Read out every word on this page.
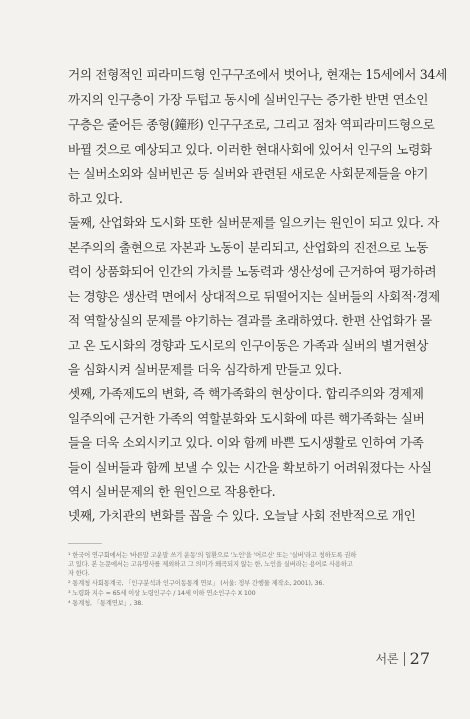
거의 전형적인 피라미드형 인구구조에서 벗어나, 현재는 15세에서 34세
까지의 인구층이 가장 두텁고 동시에 실버인구는 증가한 반면 연소인
구층은 줄어든 종형(鐘形) 인구구조로, 그리고 점차 역피라미드형으로
바뀔 것으로 예상되고 있다. 이러한 현대사회에 있어서 인구의 노령화
는 실버소외와 실버빈곤 등 실버와 관련된 새로운 사회문제들을 야기
하고 있다.
둘째, 산업화와 도시화 또한 실버문제를 일으키는 원인이 되고 있다. 자
본주의의 출현으로 자본과 노동이 분리되고, 산업화의 진전으로 노동
력이 상품화되어 인간의 가치를 노동력과 생산성에 근거하여 평가하려
는 경향은 생산력 면에서 상대적으로 뒤떨어지는 실버들의 사회적·경제
적 역할상실의 문제를 야기하는 결과를 초래하였다. 한편 산업화가 몰
고 온 도시화의 경향과 도시로의 인구이동은 가족과 실버의 별거현상
을 심화시켜 실버문제를 더욱 심각하게 만들고 있다.
셋째, 가족제도의 변화, 즉 핵가족화의 현상이다. 합리주의와 경제제
일주의에 근거한 가족의 역할분화와 도시화에 따른 핵가족화는 실버
들을 더욱 소외시키고 있다. 이와 함께 바쁜 도시생활로 인하여 가족
들이 실버들과 함께 보낼 수 있는 시간을 확보하기 어려워졌다는 사실
역시 실버문제의 한 원인으로 작용한다.
넷째, 가치관의 변화를 꼽을 수 있다. 오늘날 사회 전반적으로 개인
¹ 한국어 연구회에서는 '바른말 고운말 쓰기 운동'의 일환으로 '노인'을 '어르신' 또는 '실버'라고 칭하도록 권하
고 있다. 본 논문에서는 고유명사를 제외하고 그 의미가 왜곡되지 않는 한, 노인을 실버라는 용어로 사용하고
자 한다.
² 통계청 사회통계국, 「인구분석과 인구이동통계 연보」 (서울: 정부 간행물 제작소, 2001), 36.
³ 노령화 지수 = 65세 이상 노령인구수 / 14세 이하 연소인구수 X 100
⁴ 통계청, 「통계연보」, 38.
서론 27
